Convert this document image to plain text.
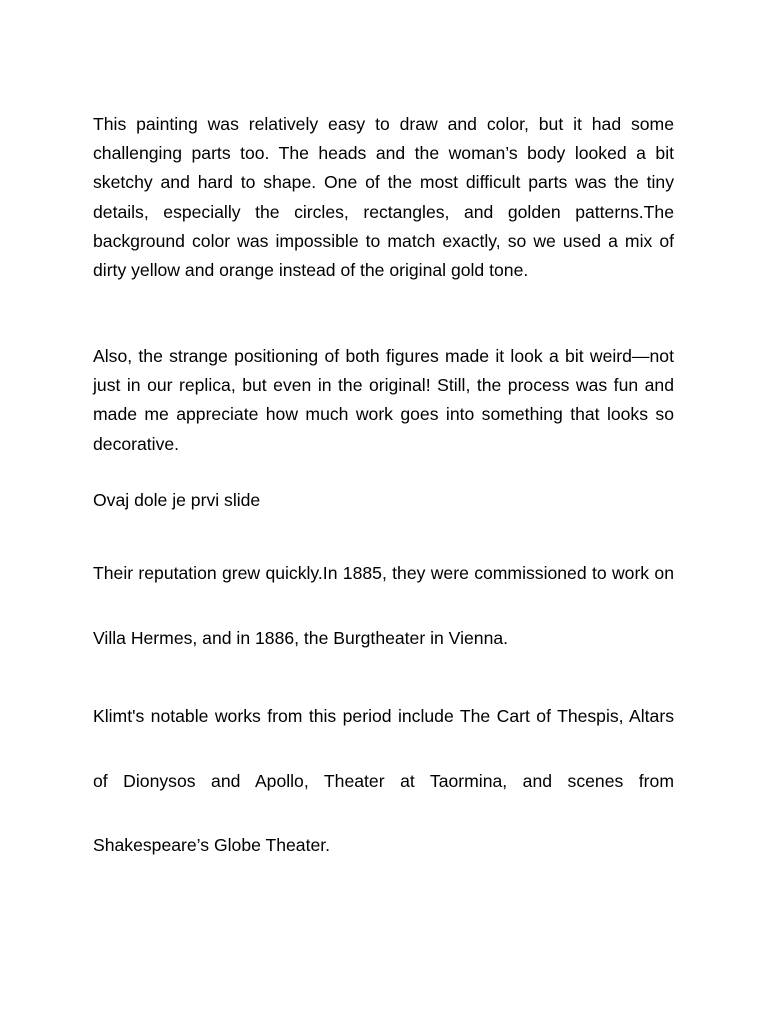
This painting was relatively easy to draw and color, but it had some challenging parts too. The heads and the woman’s body looked a bit sketchy and hard to shape. One of the most difficult parts was the tiny details, especially the circles, rectangles, and golden patterns.The background color was impossible to match exactly, so we used a mix of dirty yellow and orange instead of the original gold tone.

Also, the strange positioning of both figures made it look a bit weird—not just in our replica, but even in the original! Still, the process was fun and made me appreciate how much work goes into something that looks so decorative.

Ovaj dole je prvi slide

Their reputation grew quickly.In 1885, they were commissioned to work on Villa Hermes, and in 1886, the Burgtheater in Vienna.

Klimt's notable works from this period include The Cart of Thespis, Altars of Dionysos and Apollo, Theater at Taormina, and scenes from Shakespeare’s Globe Theater.
